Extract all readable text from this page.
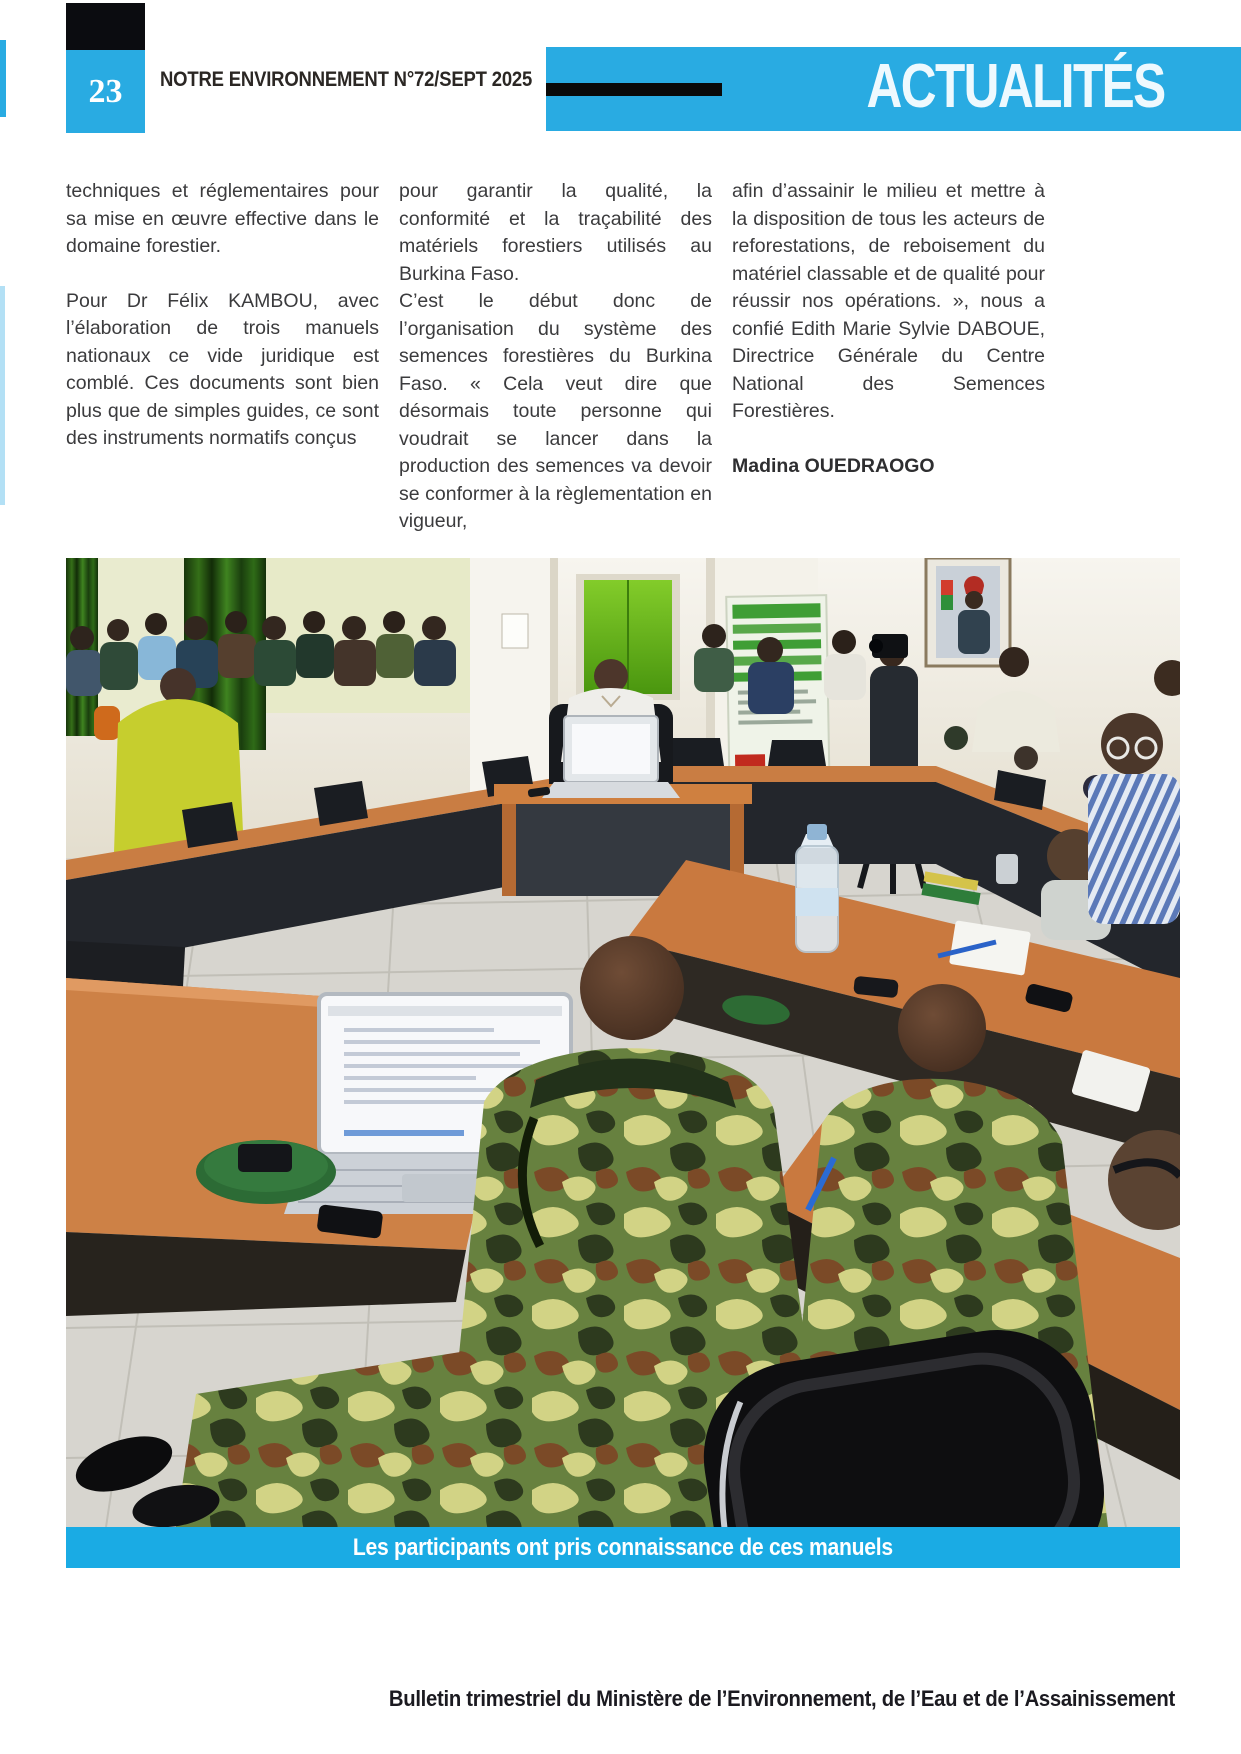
23 NOTRE ENVIRONNEMENT N°72/SEPT 2025	ACTUALITÉS

techniques et réglementaires pour sa mise en œuvre effective dans le domaine forestier.

Pour Dr Félix KAMBOU, avec l’élaboration de trois manuels nationaux ce vide juridique est comblé. Ces documents sont bien plus que de simples guides, ce sont des instruments normatifs conçus

pour garantir la qualité, la conformité et la traçabilité des matériels forestiers utilisés au Burkina Faso.

C’est le début donc de l’organisation du système des semences forestières du Burkina Faso. « Cela veut dire que désormais toute personne qui voudrait se lancer dans la production des semences va devoir se conformer à la règlementation en vigueur,

afin d’assainir le milieu et mettre à la disposition de tous les acteurs de reforestations, de reboisement du matériel classable et de qualité pour réussir nos opérations. », nous a confié Edith Marie Sylvie DABOUE, Directrice Générale du Centre National des Semences Forestières.

Madina OUEDRAOGO

Les participants ont pris connaissance de ces manuels
Bulletin trimestriel du Ministère de l’Environnement, de l’Eau et de l’Assainissement
